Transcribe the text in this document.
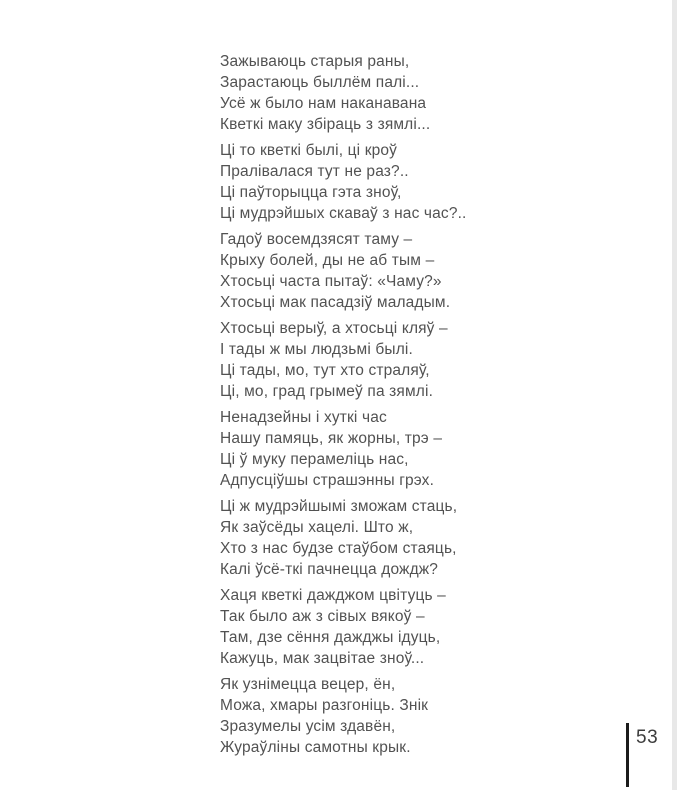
Зажываюць старыя раны,
Зарастаюць быллём палі...
Усё ж было нам наканавана
Кветкі маку збіраць з зямлі...
Ці то кветкі былі, ці кроў
Пралівалася тут не раз?..
Ці паўторыцца гэта зноў,
Ці мудрэйшых скаваў з нас час?..
Гадоў восемдзясят таму –
Крыху болей, ды не аб тым –
Хтосьці часта пытаў: «Чаму?»
Хтосьці мак пасадзіў маладым.
Хтосьці верыў, а хтосьці кляў –
І тады ж мы людзьмі былі.
Ці тады, мо, тут хто страляў,
Ці, мо, град грымеў па зямлі.
Ненадзейны і хуткі час
Нашу памяць, як жорны, трэ –
Ці ў муку перамеліць нас,
Адпусціўшы страшэнны грэх.
Ці ж мудрэйшымі зможам стаць,
Як заўсёды хацелі. Што ж,
Хто з нас будзе стаўбом стаяць,
Калі ўсё-ткі пачнецца дождж?
Хаця кветкі дажджом цвітуць –
Так было аж з сівых вякоў –
Там, дзе сёння дажджы ідуць,
Кажуць, мак зацвітае зноў...
Як узнімецца вецер, ён,
Можа, хмары разгоніць. Знік
Зразумелы усім здавён,
Жураўліны самотны крык.	53
